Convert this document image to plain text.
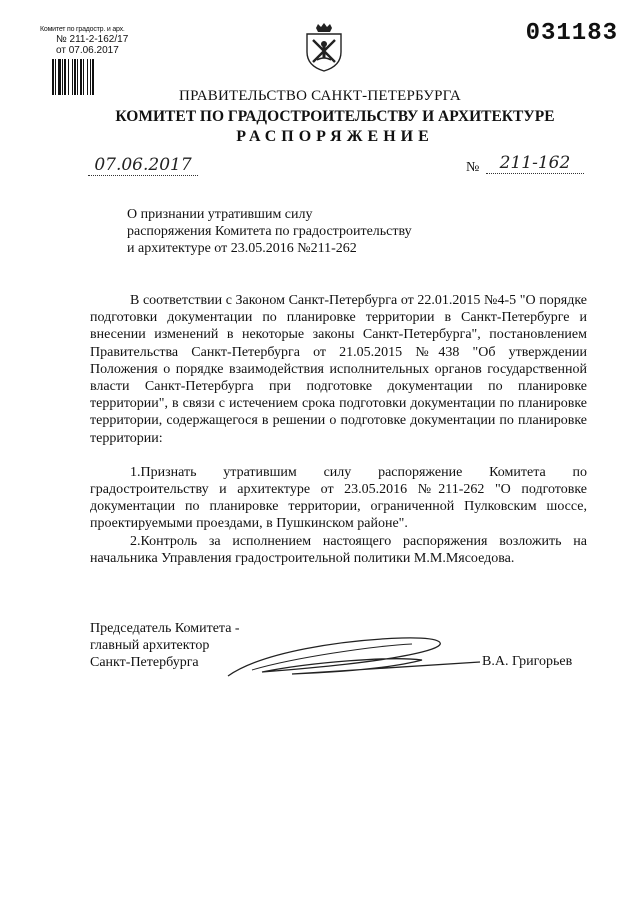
Комитет по градостр. и арх.
№ 211-2-162/17
от 07.06.2017
031183
ПРАВИТЕЛЬСТВО САНКТ-ПЕТЕРБУРГА
КОМИТЕТ ПО ГРАДОСТРОИТЕЛЬСТВУ И АРХИТЕКТУРЕ
РАСПОРЯЖЕНИЕ
07.06.2017	№	211-162
О признании утратившим силу
распоряжения Комитета по градостроительству
и архитектуре от 23.05.2016 №211-262
В соответствии с Законом Санкт-Петербурга от 22.01.2015 №4-5 "О порядке подготовки документации по планировке территории в Санкт-Петербурге и внесении изменений в некоторые законы Санкт-Петербурга", постановлением Правительства Санкт-Петербурга от 21.05.2015 №438 "Об утверждении Положения о порядке взаимодействия исполнительных органов государственной власти Санкт-Петербурга при подготовке документации по планировке территории", в связи с истечением срока подготовки документации по планировке территории, содержащегося в решении о подготовке документации по планировке территории:
1.Признать утратившим силу распоряжение Комитета по градостроительству и архитектуре от 23.05.2016 №211-262 "О подготовке документации по планировке территории, ограниченной Пулковским шоссе, проектируемыми проездами, в Пушкинском районе".
2.Контроль за исполнением настоящего распоряжения возложить на начальника Управления градостроительной политики М.М.Мясоедова.
Председатель Комитета -
главный архитектор
Санкт-Петербурга	В.А. Григорьев
